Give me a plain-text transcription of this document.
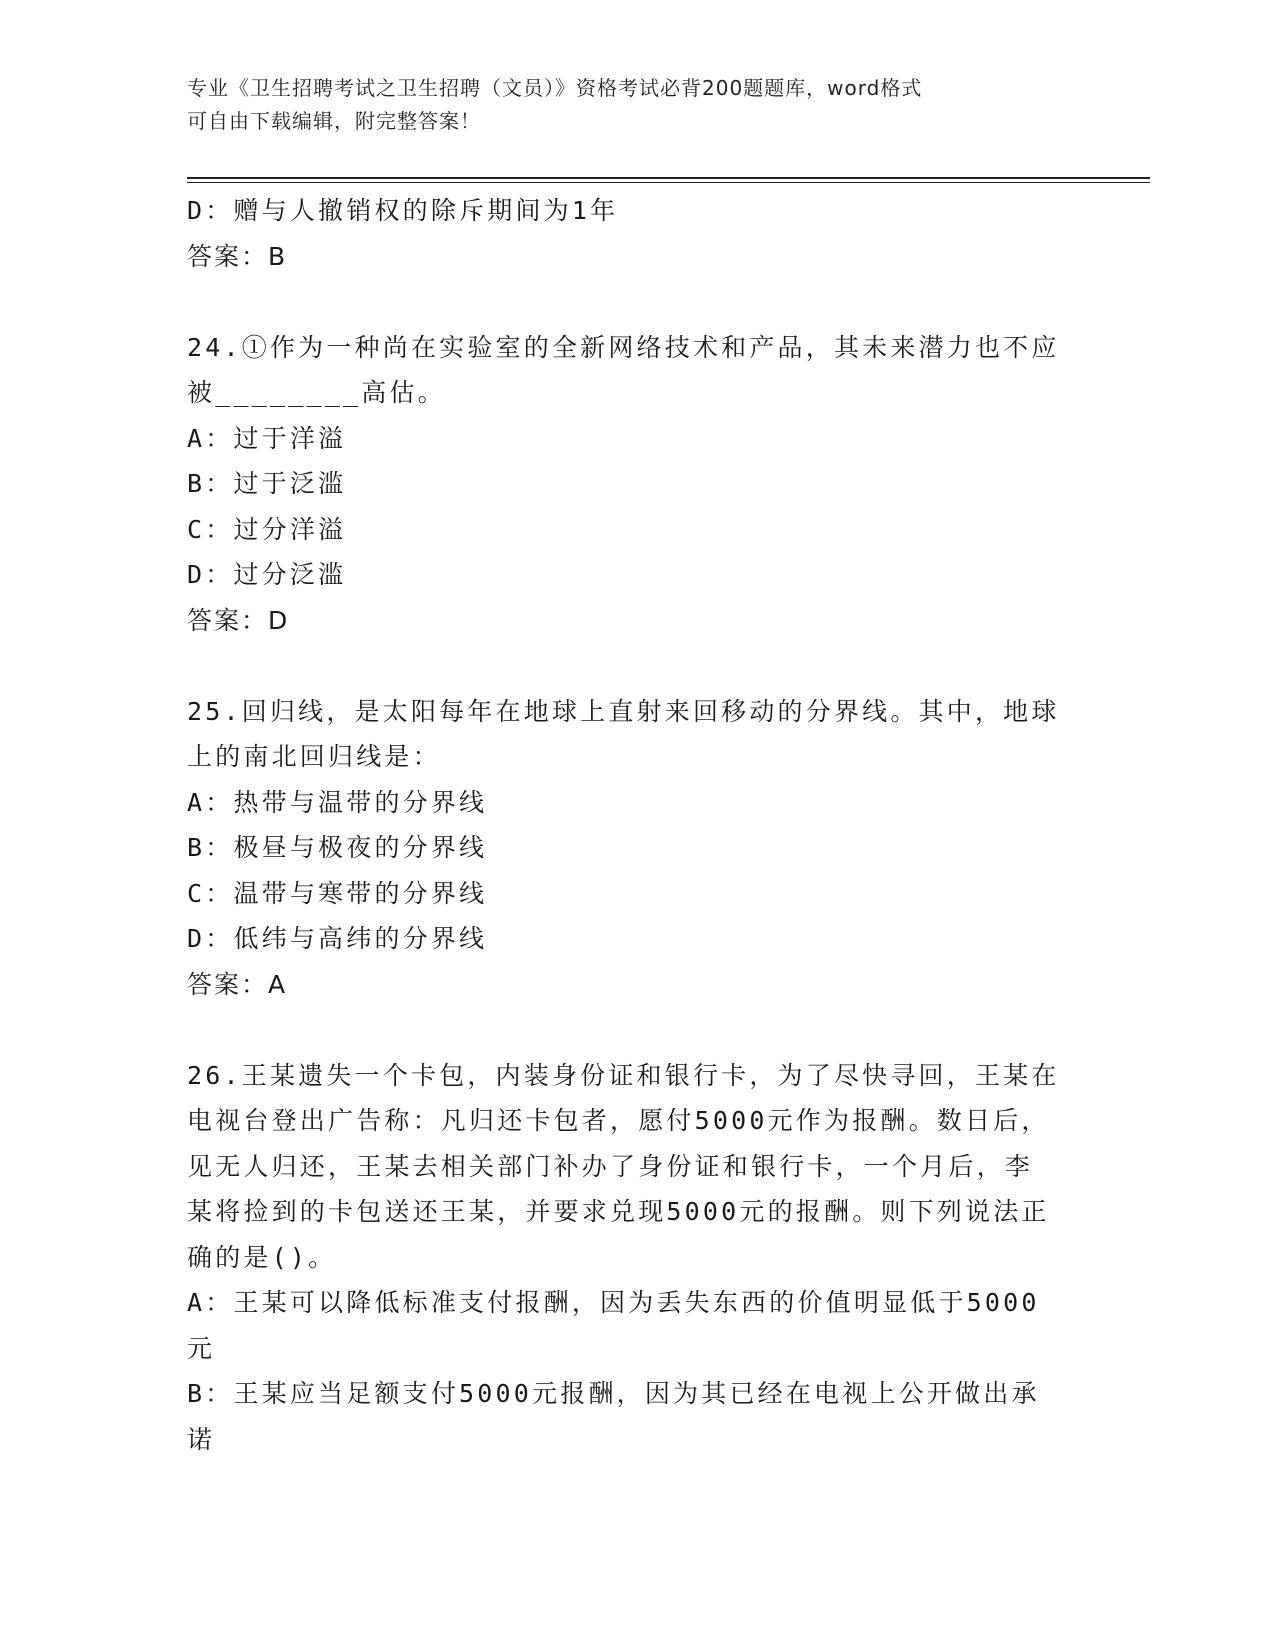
专业《卫生招聘考试之卫生招聘（文员）》资格考试必背200题题库，word格式
可自由下载编辑，附完整答案！

D：赠与人撤销权的除斥期间为1年

答案：B

24.①作为一种尚在实验室的全新网络技术和产品，其未来潜力也不应

被________高估。

A：过于洋溢

B：过于泛滥

C：过分洋溢

D：过分泛滥

答案：D

25.回归线，是太阳每年在地球上直射来回移动的分界线。其中，地球

上的南北回归线是：

A：热带与温带的分界线

B：极昼与极夜的分界线

C：温带与寒带的分界线

D：低纬与高纬的分界线

答案：A

26.王某遗失一个卡包，内装身份证和银行卡，为了尽快寻回，王某在

电视台登出广告称：凡归还卡包者，愿付5000元作为报酬。数日后，

见无人归还，王某去相关部门补办了身份证和银行卡，一个月后，李

某将捡到的卡包送还王某，并要求兑现5000元的报酬。则下列说法正

确的是()。

A：王某可以降低标准支付报酬，因为丢失东西的价值明显低于5000

元

B：王某应当足额支付5000元报酬，因为其已经在电视上公开做出承

诺
